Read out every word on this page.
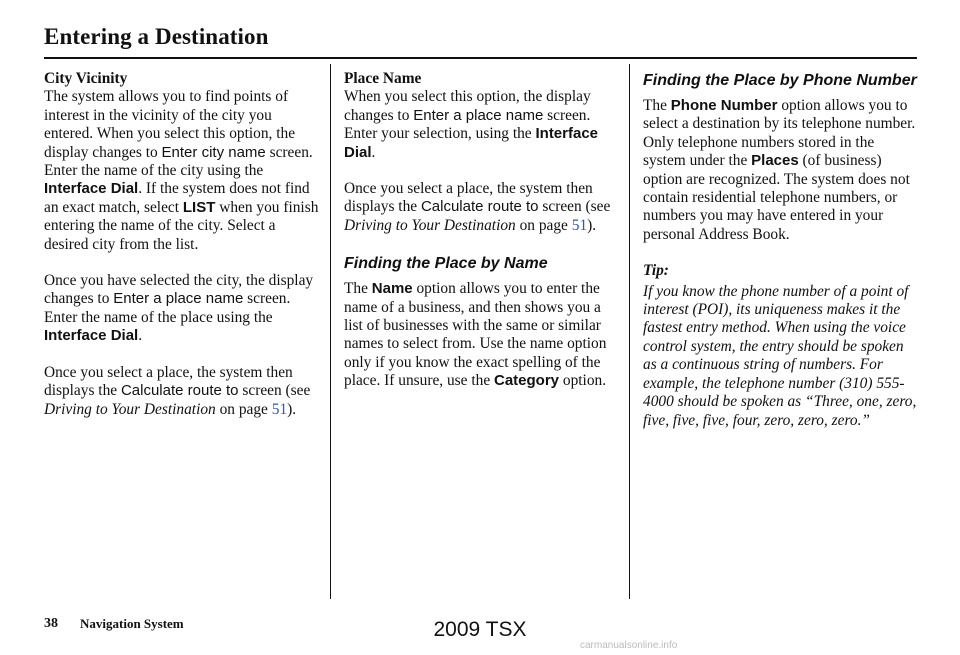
Entering a Destination
City Vicinity

The system allows you to find points of interest in the vicinity of the city you entered. When you select this option, the display changes to Enter city name screen. Enter the name of the city using the Interface Dial. If the system does not find an exact match, select LIST when you finish entering the name of the city. Select a desired city from the list.

Once you have selected the city, the display changes to Enter a place name screen. Enter the name of the place using the Interface Dial.

Once you select a place, the system then displays the Calculate route to screen (see Driving to Your Destination on page 51).

Place Name

When you select this option, the display changes to Enter a place name screen. Enter your selection, using the Interface Dial.

Once you select a place, the system then displays the Calculate route to screen (see Driving to Your Destination on page 51).

Finding the Place by Name

The Name option allows you to enter the name of a business, and then shows you a list of businesses with the same or similar names to select from. Use the name option only if you know the exact spelling of the place. If unsure, use the Category option.

Finding the Place by Phone Number

The Phone Number option allows you to select a destination by its telephone number. Only telephone numbers stored in the system under the Places (of business) option are recognized. The system does not contain residential telephone numbers, or numbers you may have entered in your personal Address Book.

Tip:
If you know the phone number of a point of interest (POI), its uniqueness makes it the fastest entry method. When using the voice control system, the entry should be spoken as a continuous string of numbers. For example, the telephone number (310) 555-4000 should be spoken as “Three, one, zero, five, five, five, four, zero, zero, zero.”
38 Navigation System	2009 TSX
carmanualsonline.info
